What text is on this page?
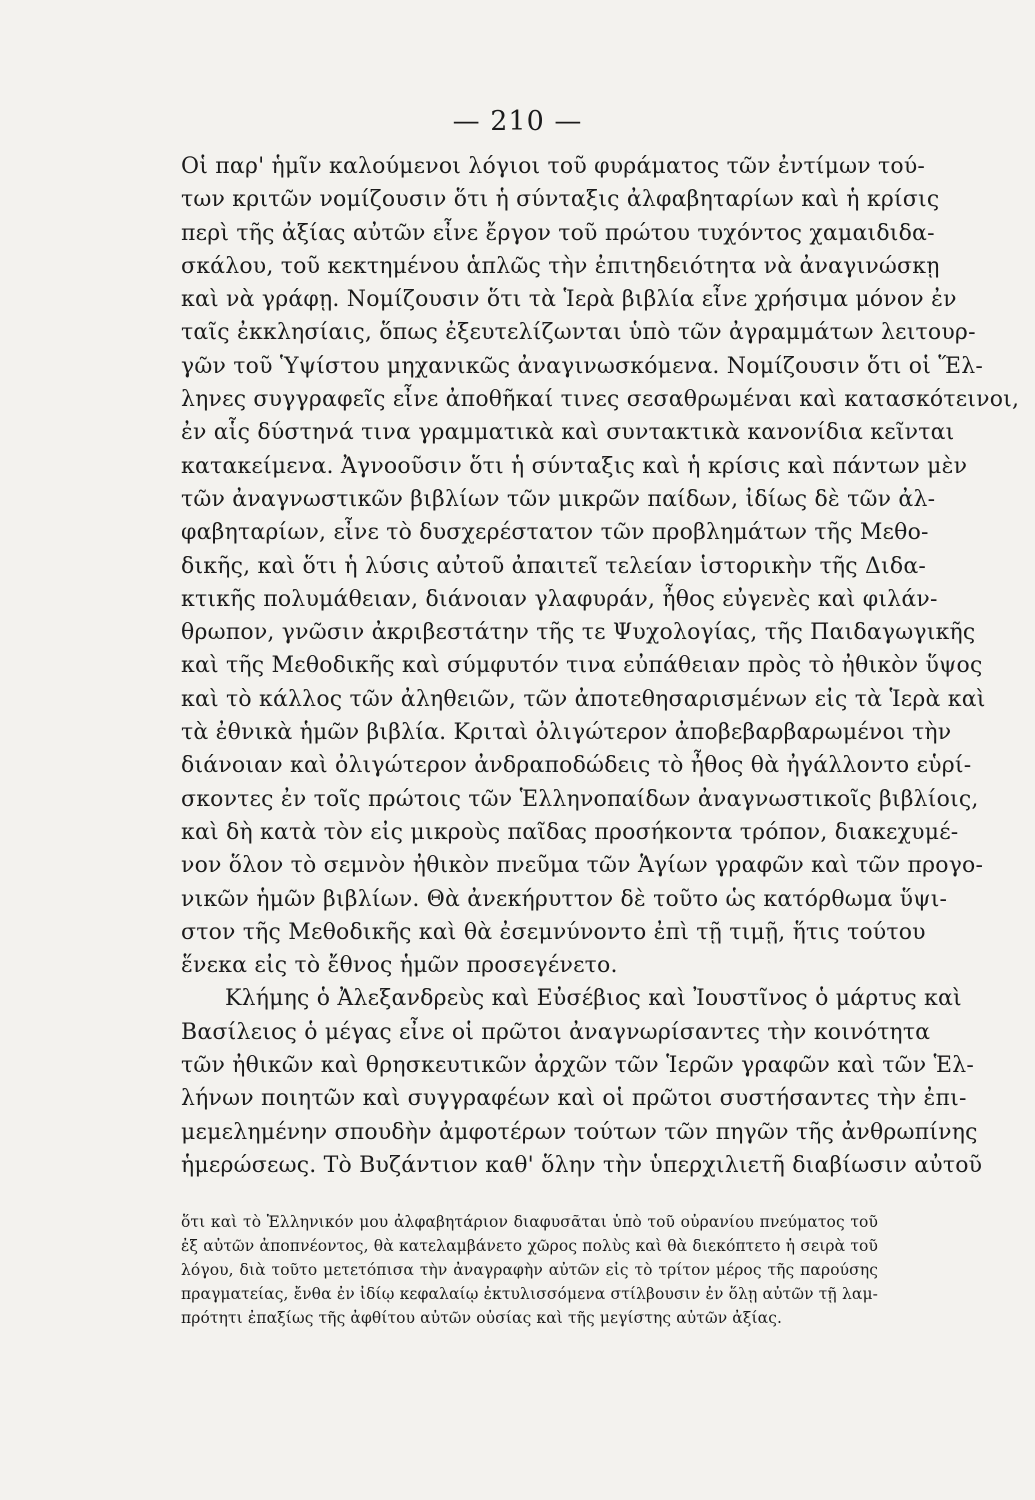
— 210 —
Οἱ παρ' ἡμῖν καλούμενοι λόγιοι τοῦ φυράματος τῶν ἐντίμων τού-
των κριτῶν νομίζουσιν ὅτι ἡ σύνταξις ἀλφαβηταρίων καὶ ἡ κρίσις
περὶ τῆς ἀξίας αὐτῶν εἶνε ἔργον τοῦ πρώτου τυχόντος χαμαιδιδα-
σκάλου, τοῦ κεκτημένου ἁπλῶς τὴν ἐπιτηδειότητα νὰ ἀναγινώσκῃ
καὶ νὰ γράφῃ. Νομίζουσιν ὅτι τὰ Ἱερὰ βιβλία εἶνε χρήσιμα μόνον ἐν
ταῖς ἐκκλησίαις, ὅπως ἐξευτελίζωνται ὑπὸ τῶν ἀγραμμάτων λειτουρ-
γῶν τοῦ Ὑψίστου μηχανικῶς ἀναγινωσκόμενα. Νομίζουσιν ὅτι οἱ Ἕλ-
ληνες συγγραφεῖς εἶνε ἀποθῆκαί τινες σεσαθρωμέναι καὶ κατασκότεινοι,
ἐν αἷς δύστηνά τινα γραμματικὰ καὶ συντακτικὰ κανονίδια κεῖνται
κατακείμενα. Ἀγνοοῦσιν ὅτι ἡ σύνταξις καὶ ἡ κρίσις καὶ πάντων μὲν
τῶν ἀναγνωστικῶν βιβλίων τῶν μικρῶν παίδων, ἰδίως δὲ τῶν ἀλ-
φαβηταρίων, εἶνε τὸ δυσχερέστατον τῶν προβλημάτων τῆς Μεθο-
δικῆς, καὶ ὅτι ἡ λύσις αὐτοῦ ἀπαιτεῖ τελείαν ἱστορικὴν τῆς Διδα-
κτικῆς πολυμάθειαν, διάνοιαν γλαφυράν, ἦθος εὐγενὲς καὶ φιλάν-
θρωπον, γνῶσιν ἀκριβεστάτην τῆς τε Ψυχολογίας, τῆς Παιδαγωγικῆς
καὶ τῆς Μεθοδικῆς καὶ σύμφυτόν τινα εὐπάθειαν πρὸς τὸ ἠθικὸν ὕψος
καὶ τὸ κάλλος τῶν ἀληθειῶν, τῶν ἀποτεθησαρισμένων εἰς τὰ Ἱερὰ καὶ
τὰ ἐθνικὰ ἡμῶν βιβλία. Κριταὶ ὀλιγώτερον ἀποβεβαρβαρωμένοι τὴν
διάνοιαν καὶ ὀλιγώτερον ἀνδραποδώδεις τὸ ἦθος θὰ ἠγάλλοντο εὑρί-
σκοντες ἐν τοῖς πρώτοις τῶν Ἑλληνοπαίδων ἀναγνωστικοῖς βιβλίοις,
καὶ δὴ κατὰ τὸν εἰς μικροὺς παῖδας προσήκοντα τρόπον, διακεχυμέ-
νον ὅλον τὸ σεμνὸν ἠθικὸν πνεῦμα τῶν Ἁγίων γραφῶν καὶ τῶν προγο-
νικῶν ἡμῶν βιβλίων. Θὰ ἀνεκήρυττον δὲ τοῦτο ὡς κατόρθωμα ὕψι-
στον τῆς Μεθοδικῆς καὶ θὰ ἐσεμνύνοντο ἐπὶ τῇ τιμῇ, ἥτις τούτου
ἕνεκα εἰς τὸ ἔθνος ἡμῶν προσεγένετο.
Κλήμης ὁ Ἀλεξανδρεὺς καὶ Εὐσέβιος καὶ Ἰουστῖνος ὁ μάρτυς καὶ
Βασίλειος ὁ μέγας εἶνε οἱ πρῶτοι ἀναγνωρίσαντες τὴν κοινότητα
τῶν ἠθικῶν καὶ θρησκευτικῶν ἀρχῶν τῶν Ἱερῶν γραφῶν καὶ τῶν Ἑλ-
λήνων ποιητῶν καὶ συγγραφέων καὶ οἱ πρῶτοι συστήσαντες τὴν ἐπι-
μεμελημένην σπουδὴν ἀμφοτέρων τούτων τῶν πηγῶν τῆς ἀνθρωπίνης
ἡμερώσεως. Τὸ Βυζάντιον καθ' ὅλην τὴν ὑπερχιλιετῆ διαβίωσιν αὐτοῦ
ὅτι καὶ τὸ Ἑλληνικόν μου ἀλφαβητάριον διαφυσᾶται ὑπὸ τοῦ οὐρανίου πνεύματος τοῦ
ἐξ αὐτῶν ἀποπνέοντος, θὰ κατελαμβάνετο χῶρος πολὺς καὶ θὰ διεκόπτετο ἡ σειρὰ τοῦ
λόγου, διὰ τοῦτο μετετόπισα τὴν ἀναγραφὴν αὐτῶν εἰς τὸ τρίτον μέρος τῆς παρούσης
πραγματείας, ἔνθα ἐν ἰδίῳ κεφαλαίῳ ἐκτυλισσόμενα στίλβουσιν ἐν ὅλῃ αὐτῶν τῇ λαμ-
πρότητι ἐπαξίως τῆς ἀφθίτου αὐτῶν οὐσίας καὶ τῆς μεγίστης αὐτῶν ἀξίας.
